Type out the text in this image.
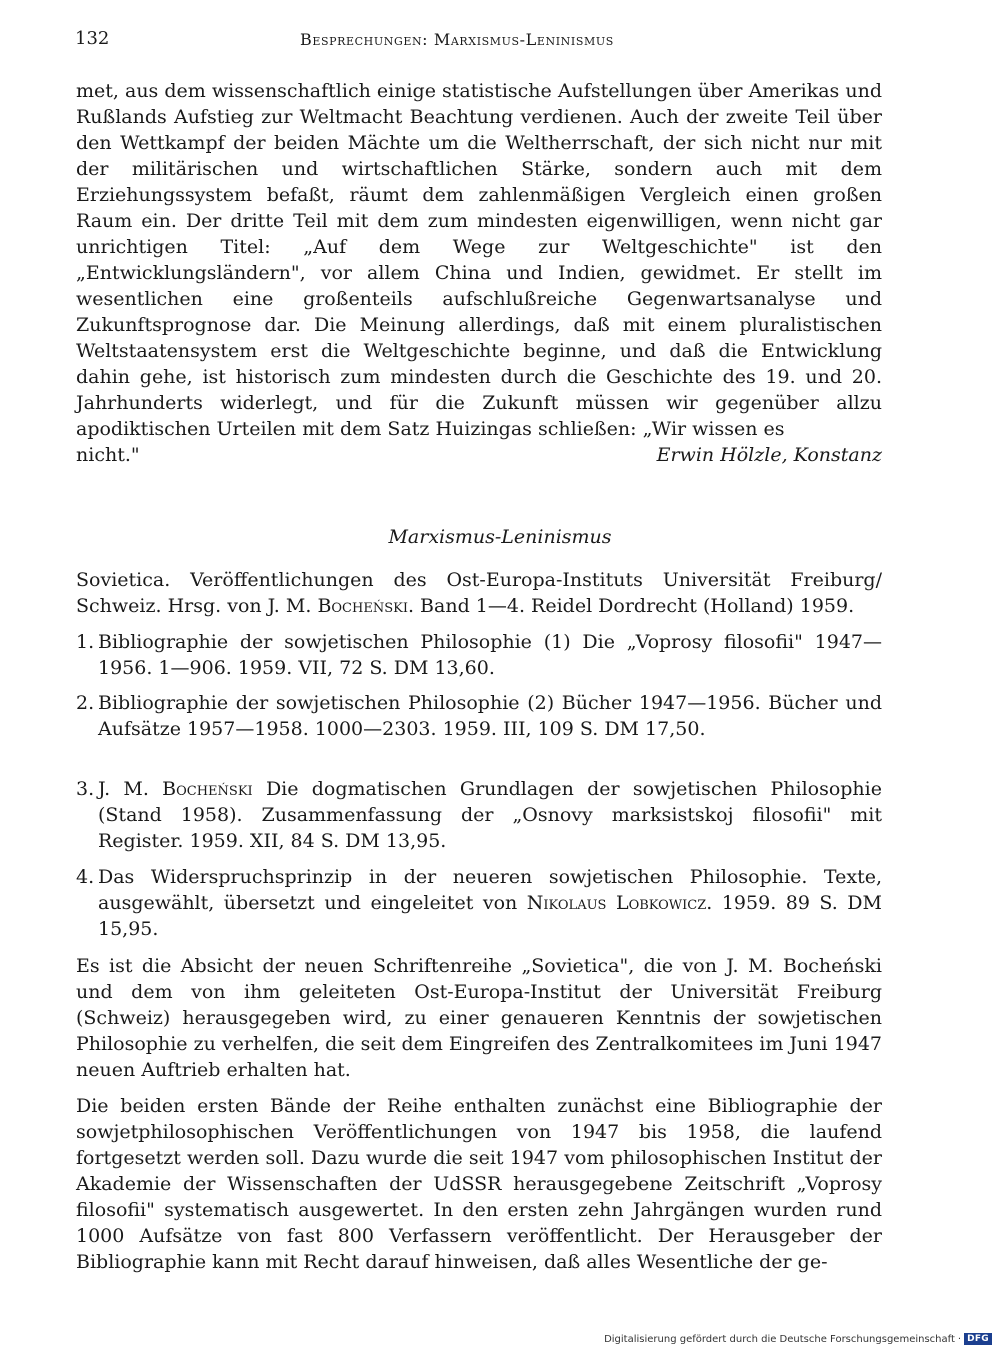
132	Besprechungen: Marxismus-Leninismus
met, aus dem wissenschaftlich einige statistische Aufstellungen über Amerikas und Rußlands Aufstieg zur Weltmacht Beachtung verdienen. Auch der zweite Teil über den Wettkampf der beiden Mächte um die Weltherrschaft, der sich nicht nur mit der militärischen und wirtschaftlichen Stärke, sondern auch mit dem Erziehungssystem befaßt, räumt dem zahlenmäßigen Vergleich einen großen Raum ein. Der dritte Teil mit dem zum mindesten eigenwilligen, wenn nicht gar unrichtigen Titel: „Auf dem Wege zur Weltgeschichte" ist den „Entwicklungsländern", vor allem China und Indien, gewidmet. Er stellt im wesentlichen eine großenteils aufschlußreiche Gegenwartsanalyse und Zukunftsprognose dar. Die Meinung allerdings, daß mit einem pluralistischen Weltstaatensystem erst die Weltgeschichte beginne, und daß die Entwicklung dahin gehe, ist historisch zum mindesten durch die Geschichte des 19. und 20. Jahrhunderts widerlegt, und für die Zukunft müssen wir gegenüber allzu apodiktischen Urteilen mit dem Satz Huizingas schließen: „Wir wissen es
nicht."	Erwin Hölzle, Konstanz
Marxismus-Leninismus
Sovietica. Veröffentlichungen des Ost-Europa-Instituts Universität Freiburg/ Schweiz. Hrsg. von J. M. Bocheński. Band 1—4. Reidel Dordrecht (Holland) 1959.
1. Bibliographie der sowjetischen Philosophie (1) Die „Voprosy filosofii" 1947—1956. 1—906. 1959. VII, 72 S. DM 13,60.
2. Bibliographie der sowjetischen Philosophie (2) Bücher 1947—1956. Bücher und Aufsätze 1957—1958. 1000—2303. 1959. III, 109 S. DM 17,50.
3. J. M. Bocheński Die dogmatischen Grundlagen der sowjetischen Philosophie (Stand 1958). Zusammenfassung der „Osnovy marksistskoj filosofii" mit Register. 1959. XII, 84 S. DM 13,95.
4. Das Widerspruchsprinzip in der neueren sowjetischen Philosophie. Texte, ausgewählt, übersetzt und eingeleitet von Nikolaus Lobkowicz. 1959. 89 S. DM 15,95.
Es ist die Absicht der neuen Schriftenreihe „Sovietica", die von J. M. Bocheński und dem von ihm geleiteten Ost-Europa-Institut der Universität Freiburg (Schweiz) herausgegeben wird, zu einer genaueren Kenntnis der sowjetischen Philosophie zu verhelfen, die seit dem Eingreifen des Zentralkomitees im Juni 1947 neuen Auftrieb erhalten hat.
Die beiden ersten Bände der Reihe enthalten zunächst eine Bibliographie der sowjetphilosophischen Veröffentlichungen von 1947 bis 1958, die laufend fortgesetzt werden soll. Dazu wurde die seit 1947 vom philosophischen Institut der Akademie der Wissenschaften der UdSSR herausgegebene Zeitschrift „Voprosy filosofii" systematisch ausgewertet. In den ersten zehn Jahrgängen wurden rund 1000 Aufsätze von fast 800 Verfassern veröffentlicht. Der Herausgeber der Bibliographie kann mit Recht darauf hinweisen, daß alles Wesentliche der ge-
Digitalisierung gefördert durch die Deutsche Forschungsgemeinschaft · DFG
